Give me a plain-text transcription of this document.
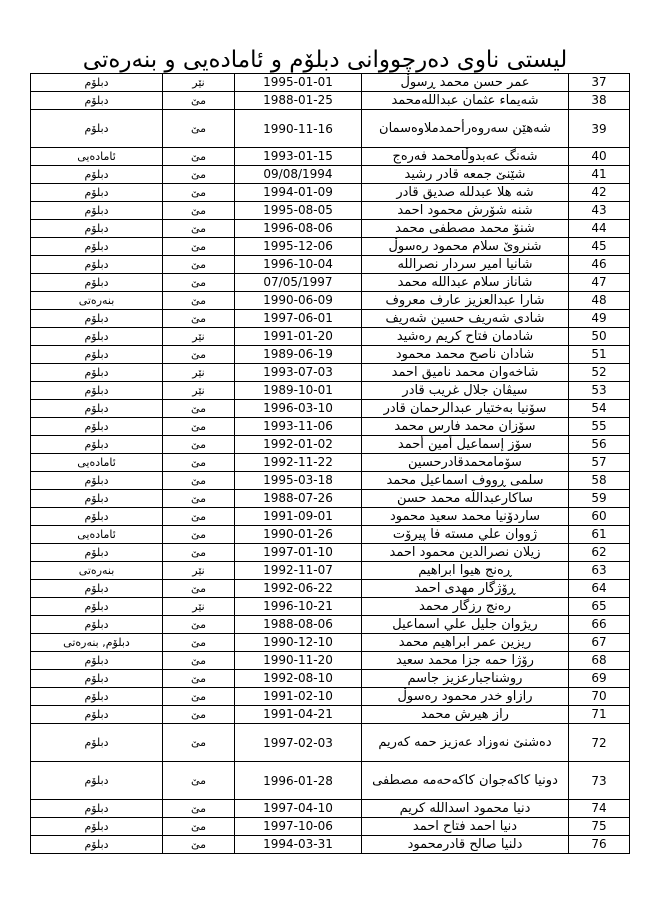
لیستی ناوی دەرچووانی دبلۆم و ئامادەیی و بنەرەتی
دبلۆم	نێر	1995-01-01	عمر حسن محمد ڕسوڵ	37
دبلۆم	مێ	1988-01-25	شەیماء عثمان عبداللەمحمد	38
دبلۆم	مێ	1990-11-16	شەهێن سەروەرأحمدملاوەسمان	39
ئامادەیی	مێ	1993-01-15	شەنگ عەبدوڵامحمد فەرەج	40
دبلۆم	مێ	09/08/1994	شێنێ جمعه قادر رشيد	41
دبلۆم	مێ	1994-01-09	شه هلا عبدلله صديق قادر	42
دبلۆم	مێ	1995-08-05	شنە شۆرش محمود احمد	43
دبلۆم	مێ	1996-08-06	شنۆ محمد مصطفی محمد	44
دبلۆم	مێ	1995-12-06	شنروێ سلام محمود رەسوڵ	45
دبلۆم	مێ	1996-10-04	شانیا امیر سردار نصرالله	46
دبلۆم	مێ	07/05/1997	شاناز سلام عبدالله محمد	47
بنەرەتی	مێ	1990-06-09	شارا عبدالعزيز عارف معروف	48
دبلۆم	مێ	1997-06-01	شادی شەریف حسین شەریف	49
دبلۆم	نێر	1991-01-20	شادمان فتاح كريم رەشيد	50
دبلۆم	مێ	1989-06-19	شادان ناصح محمد محمود	51
دبلۆم	نێر	1993-07-03	شاخەوان محمد ناميق احمد	52
دبلۆم	نێر	1989-10-01	سیڤان جلال غریب قادر	53
دبلۆم	مێ	1996-03-10	سۆنیا بەختیار عبدالرحمان قادر	54
دبلۆم	مێ	1993-11-06	سۆزان محمد فارس محمد	55
دبلۆم	مێ	1992-01-02	سۆز إسماعيل أمين أحمد	56
ئامادەیی	مێ	1992-11-22	سۆمامحمدقادرحسین	57
دبلۆم	مێ	1995-03-18	سلمی ڕووف اسماعیل محمد	58
دبلۆم	مێ	1988-07-26	ساكارعبداللّه محمد حسن	59
دبلۆم	مێ	1991-09-01	ساردۆنیا محمد سعيد محمود	60
ئامادەیی	مێ	1990-01-26	ژووان علي مسته فا پیرۆت	61
دبلۆم	مێ	1997-01-10	زيلان نصرالدين محمود احمد	62
بنەرەتی	نێر	1992-11-07	ڕەنج هيوا ابراهيم	63
دبلۆم	مێ	1992-06-22	ڕۆژگار مهدی احمد	64
دبلۆم	نێر	1996-10-21	رەنج رزگار محمد	65
دبلۆم	مێ	1988-08-06	ريژوان جليل علي اسماعيل	66
دبلۆم, بنەرەتی	مێ	1990-12-10	ريزين عمر ابراهيم محمد	67
دبلۆم	مێ	1990-11-20	رۆژا حمه جزا محمد سعيد	68
دبلۆم	مێ	1992-08-10	روشناجبارعزيز جاسم	69
دبلۆم	مێ	1991-02-10	رازاو خدر محمود رەسوڵ	70
دبلۆم	مێ	1991-04-21	راز هيرش محمد	71
دبلۆم	مێ	1997-02-03	دەشنێ نەوزاد عەزیز حمه كەريم	72
دبلۆم	مێ	1996-01-28	دونیا کاکەجوان کاکەحەمە مصطفی	73
دبلۆم	مێ	1997-04-10	دنيا محمود اسدالله كريم	74
دبلۆم	مێ	1997-10-06	دنیا احمد فتاح احمد	75
دبلۆم	مێ	1994-03-31	دلنيا صالح قادرمحمود	76
